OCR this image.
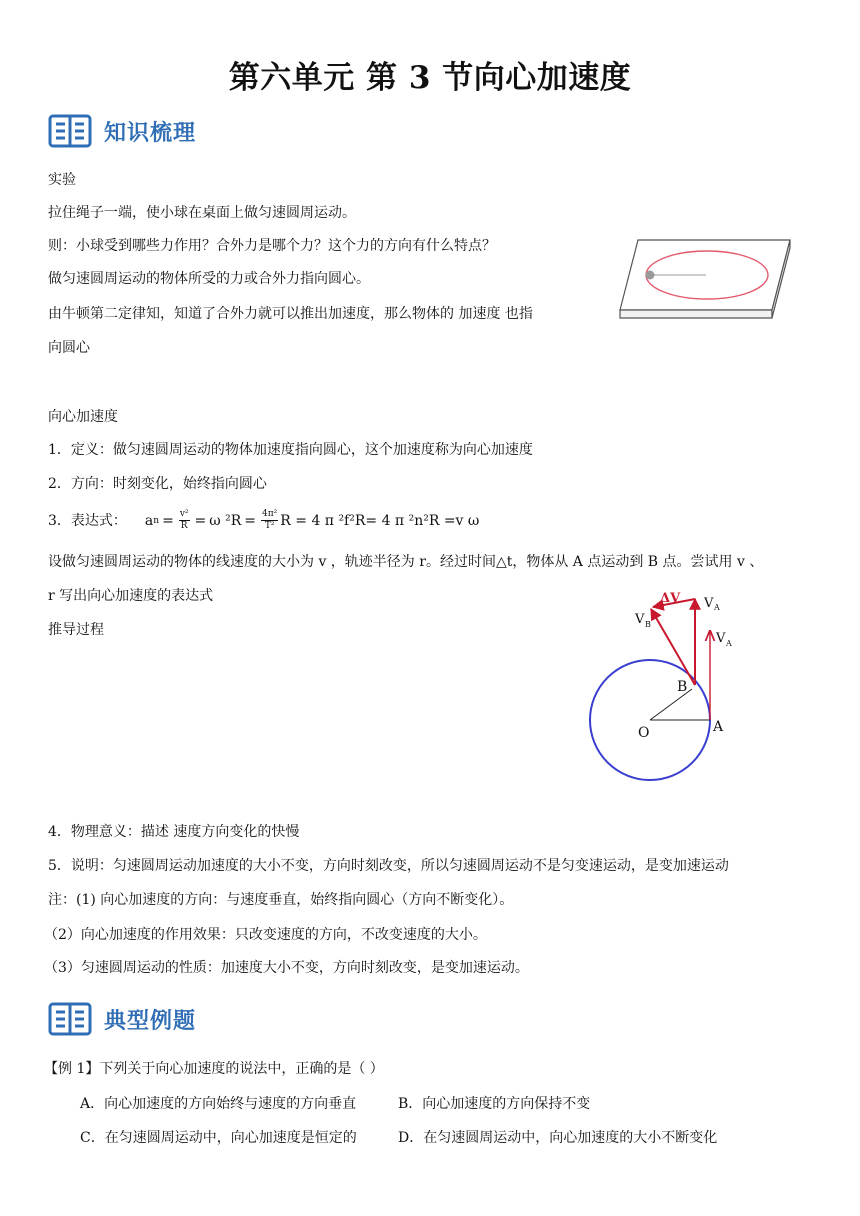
第六单元 第 3 节向心加速度
知识梳理
实验
拉住绳子一端，使小球在桌面上做匀速圆周运动。
则：小球受到哪些力作用？合外力是哪个力？这个力的方向有什么特点？
做匀速圆周运动的物体所受的力或合外力指向圆心。
由牛顿第二定律知，知道了合外力就可以推出加速度，那么物体的 加速度 也指
向圆心
向心加速度
1．定义：做匀速圆周运动的物体加速度指向圆心，这个加速度称为向心加速度
2．方向：时刻变化，始终指向圆心
3．表达式： a $n = \frac{\text{v²}}{R} = \omega$ $^2R = \frac{\text{4π²}}{\text{T²}}$ R = 4 π ²f²R= 4 π ²n²R =v ω
设做匀速圆周运动的物体的线速度的大小为 v ，轨迹半径为 r。经过时间△t，物体从 A 点运动到 B 点。尝试用 v 、
r 写出向心加速度的表达式
推导过程
ΔV V A
V B
V A
B
O	A
4．物理意义：描述 速度方向变化的快慢
5．说明：匀速圆周运动加速度的大小不变，方向时刻改变，所以匀速圆周运动不是匀变速运动，是变加速运动
注：(1) 向心加速度的方向：与速度垂直，始终指向圆心（方向不断变化）。
（2）向心加速度的作用效果：只改变速度的方向，不改变速度的大小。
（3）匀速圆周运动的性质：加速度大小不变，方向时刻改变，是变加速运动。
典型例题
【例 1】下列关于向心加速度的说法中，正确的是（ ）
A．向心加速度的方向始终与速度的方向垂直	B．向心加速度的方向保持不变
C．在匀速圆周运动中，向心加速度是恒定的	D．在匀速圆周运动中，向心加速度的大小不断变化
